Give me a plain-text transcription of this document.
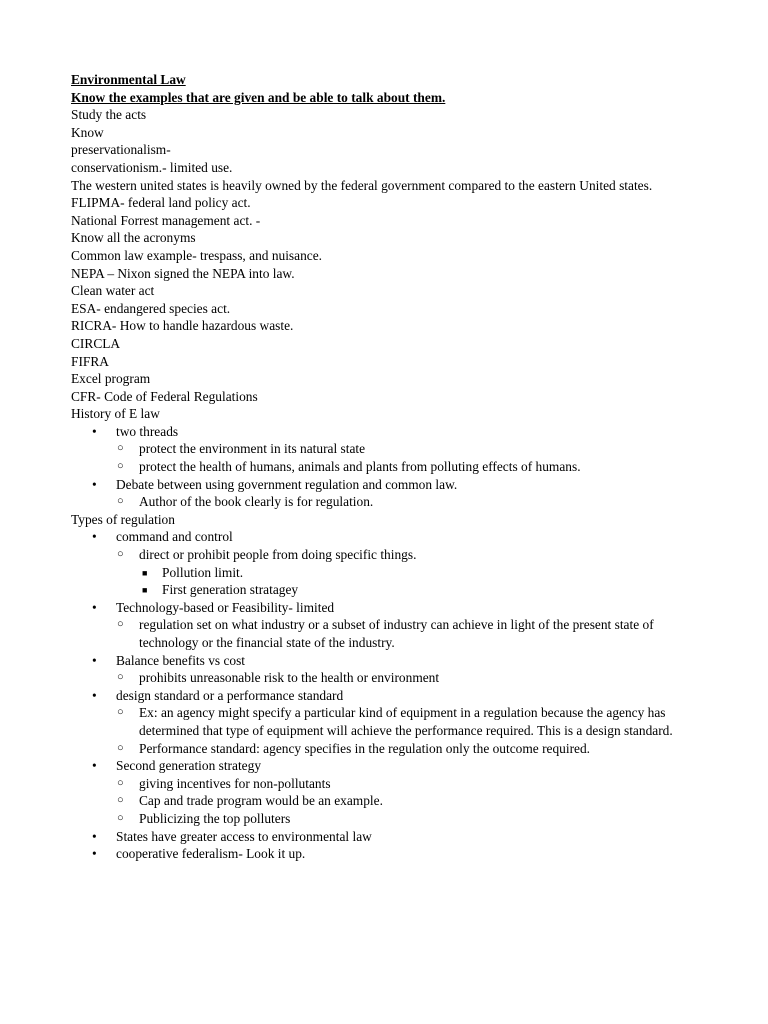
Environmental Law
Know the examples that are given and be able to talk about them.
Study the acts
Know
preservationalism-
conservationism.- limited use.
The western united states is heavily owned by the federal government compared to the eastern United states.
FLIPMA- federal land policy act.
National Forrest management act. -
Know all the acronyms
Common law example- trespass, and nuisance.
NEPA – Nixon signed the NEPA into law.
Clean water act
ESA- endangered species act.
RICRA- How to handle hazardous waste.
CIRCLA
FIFRA
Excel program
CFR- Code of Federal Regulations
History of E law
• two threads
○ protect the environment in its natural state
○ protect the health of humans, animals and plants from polluting effects of humans.
• Debate between using government regulation and common law.
○ Author of the book clearly is for regulation.
Types of regulation
• command and control
○ direct or prohibit people from doing specific things.
■ Pollution limit.
■ First generation stratagey
• Technology-based or Feasibility- limited
○ regulation set on what industry or a subset of industry can achieve in light of the present state of technology or the financial state of the industry.
• Balance benefits vs cost
○ prohibits unreasonable risk to the health or environment
• design standard or a performance standard
○ Ex: an agency might specify a particular kind of equipment in a regulation because the agency has determined that type of equipment will achieve the performance required. This is a design standard.
○ Performance standard: agency specifies in the regulation only the outcome required.
• Second generation strategy
○ giving incentives for non-pollutants
○ Cap and trade program would be an example.
○ Publicizing the top polluters
• States have greater access to environmental law
• cooperative federalism- Look it up.
